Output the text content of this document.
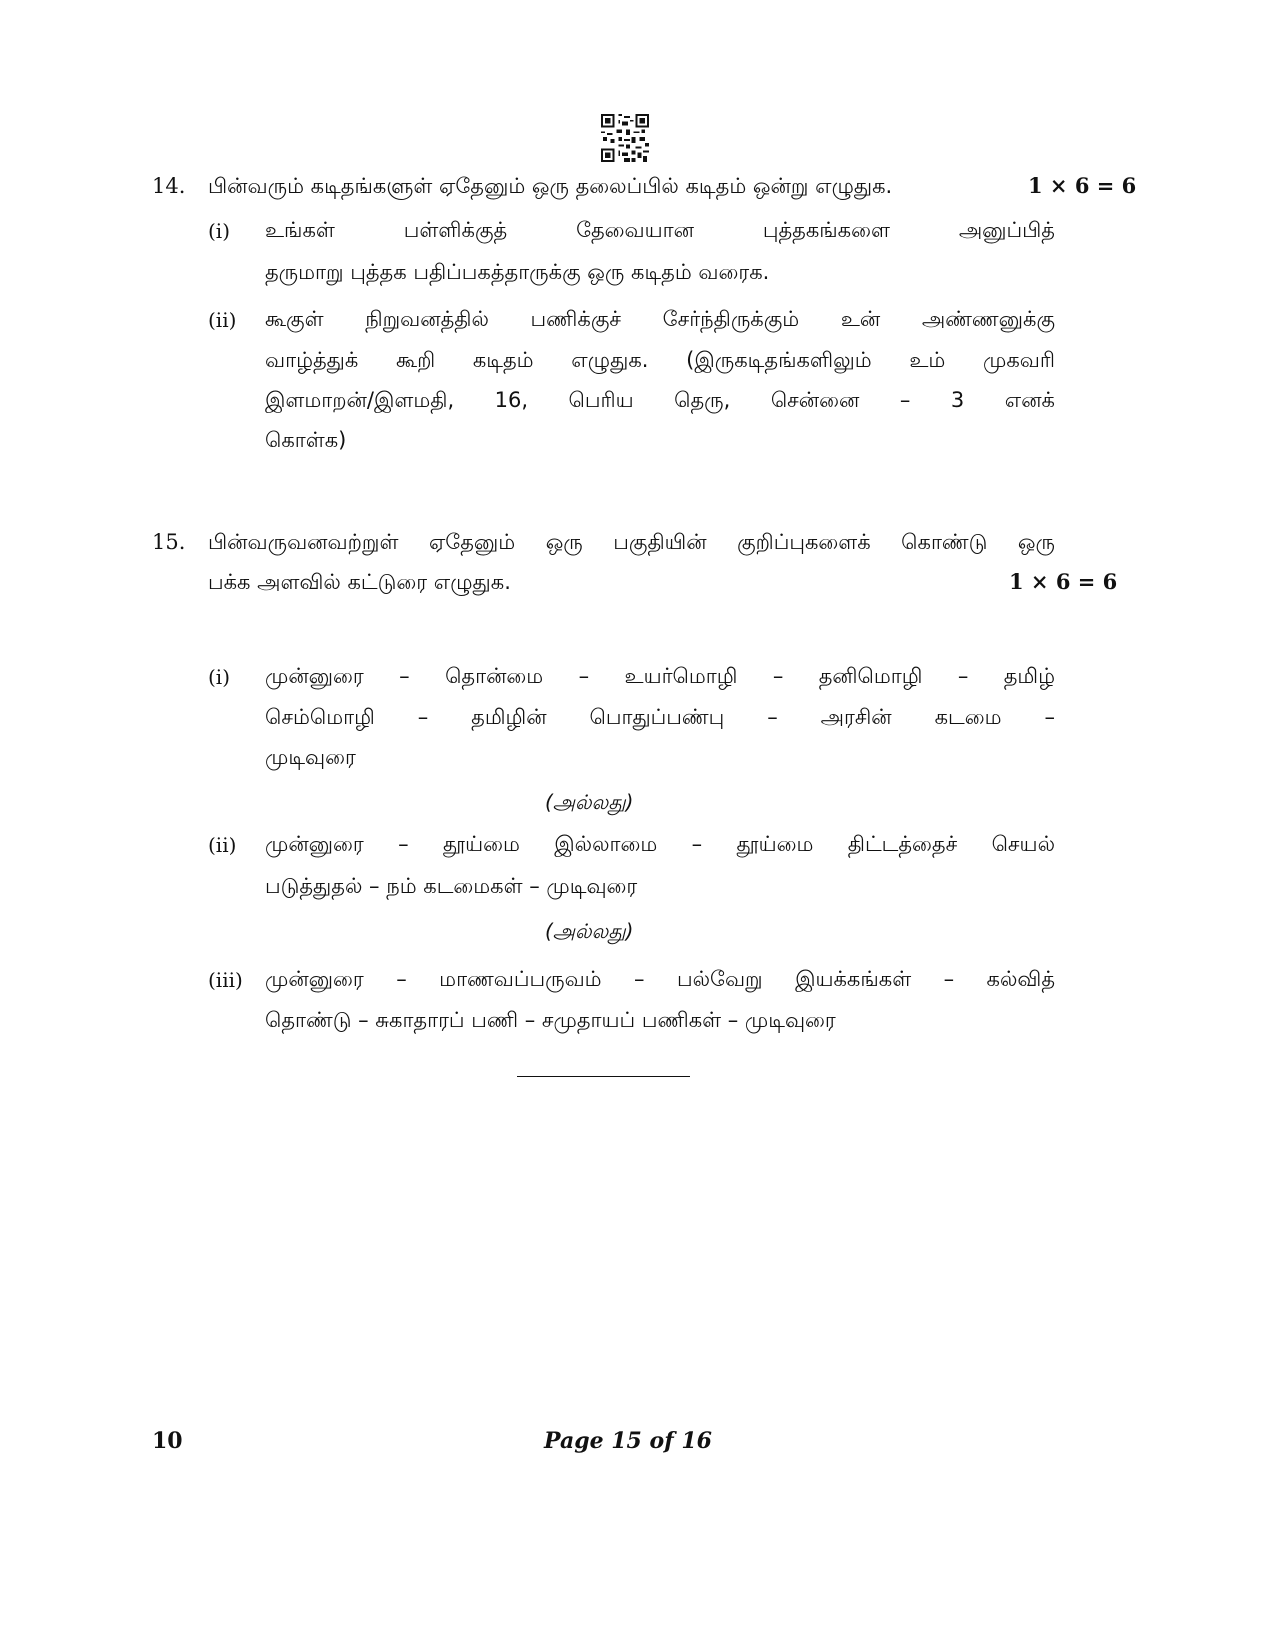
14. பின்வரும் கடிதங்களுள் ஏதேனும் ஒரு தலைப்பில் கடிதம் ஒன்று எழுதுக.	1 × 6 = 6
(i) உங்கள் பள்ளிக்குத் தேவையான புத்தகங்களை அனுப்பித்
தருமாறு புத்தக பதிப்பகத்தாருக்கு ஒரு கடிதம் வரைக.
(ii) கூகுள் நிறுவனத்தில் பணிக்குச் சேர்ந்திருக்கும் உன் அண்ணனுக்கு
வாழ்த்துக் கூறி கடிதம் எழுதுக. (இருகடிதங்களிலும் உம் முகவரி
இளமாறன்/இளமதி, 16, பெரிய தெரு, சென்னை – 3 எனக்
கொள்க)
15. பின்வருவனவற்றுள் ஏதேனும் ஒரு பகுதியின் குறிப்புகளைக் கொண்டு ஒரு
பக்க அளவில் கட்டுரை எழுதுக.	1 × 6 = 6
(i) முன்னுரை – தொன்மை – உயர்மொழி – தனிமொழி – தமிழ்
செம்மொழி – தமிழின் பொதுப்பண்பு – அரசின் கடமை –
முடிவுரை
(அல்லது)
(ii) முன்னுரை – தூய்மை இல்லாமை – தூய்மை திட்டத்தைச் செயல்
படுத்துதல் – நம் கடமைகள் – முடிவுரை
(அல்லது)
(iii) முன்னுரை – மாணவப்பருவம் – பல்வேறு இயக்கங்கள் – கல்வித்
தொண்டு – சுகாதாரப் பணி – சமுதாயப் பணிகள் – முடிவுரை
10	Page 15 of 16
